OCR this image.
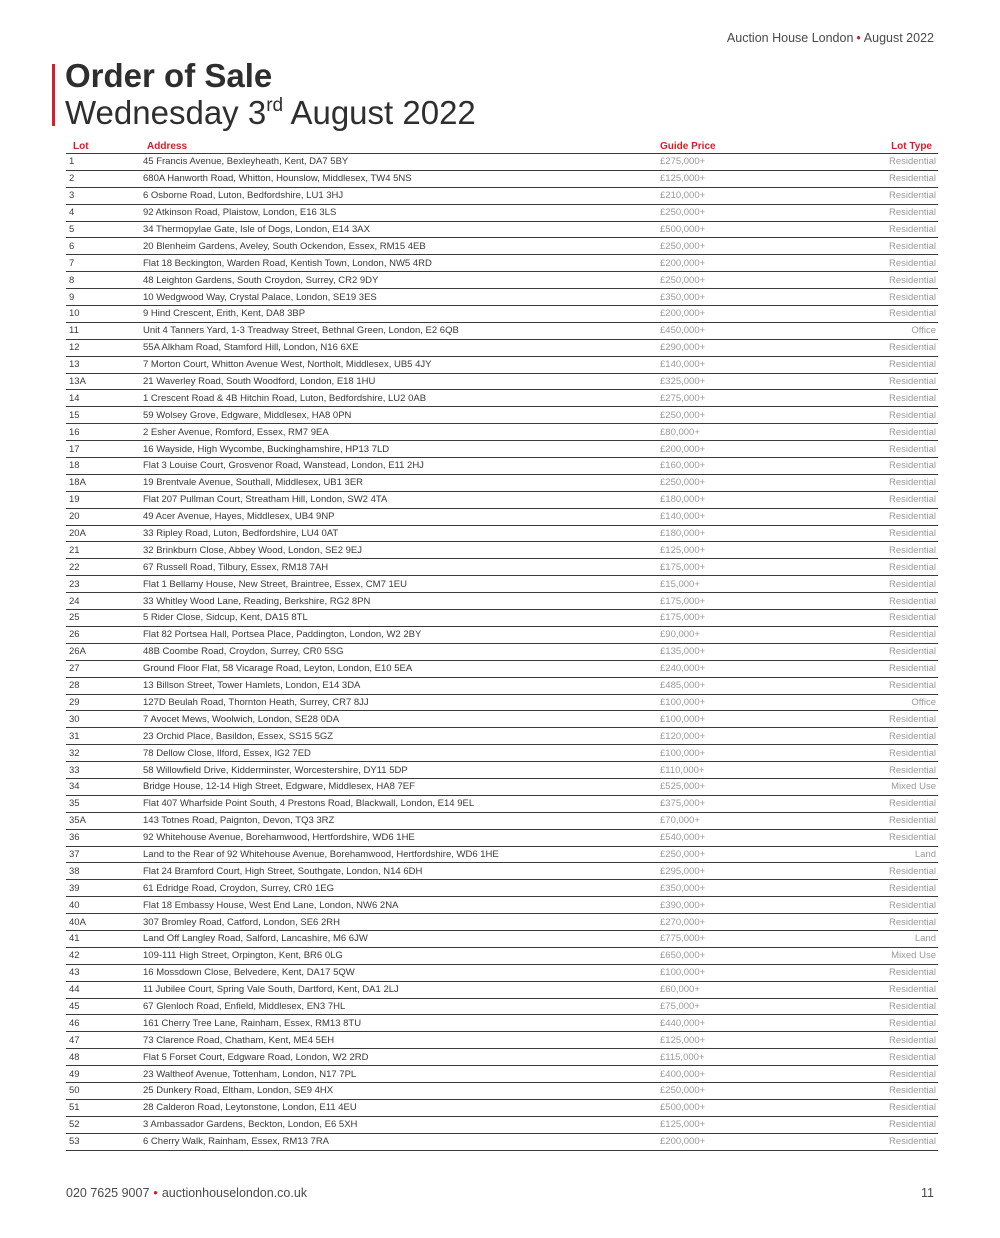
Auction House London • August 2022
Order of Sale
Wednesday 3rd August 2022
Lot	Address	Guide Price	Lot Type
1	45 Francis Avenue, Bexleyheath, Kent, DA7 5BY	£275,000+	Residential
2	680A Hanworth Road, Whitton, Hounslow, Middlesex, TW4 5NS	£125,000+	Residential
3	6 Osborne Road, Luton, Bedfordshire, LU1 3HJ	£210,000+	Residential
4	92 Atkinson Road, Plaistow, London, E16 3LS	£250,000+	Residential
5	34 Thermopylae Gate, Isle of Dogs, London, E14 3AX	£500,000+	Residential
6	20 Blenheim Gardens, Aveley, South Ockendon, Essex, RM15 4EB	£250,000+	Residential
7	Flat 18 Beckington, Warden Road, Kentish Town, London, NW5 4RD	£200,000+	Residential
8	48 Leighton Gardens, South Croydon, Surrey, CR2 9DY	£250,000+	Residential
9	10 Wedgwood Way, Crystal Palace, London, SE19 3ES	£350,000+	Residential
10	9 Hind Crescent, Erith, Kent, DA8 3BP	£200,000+	Residential
11	Unit 4 Tanners Yard, 1-3 Treadway Street, Bethnal Green, London, E2 6QB	£450,000+	Office
12	55A Alkham Road, Stamford Hill, London, N16 6XE	£290,000+	Residential
13	7 Morton Court, Whitton Avenue West, Northolt, Middlesex, UB5 4JY	£140,000+	Residential
13A	21 Waverley Road, South Woodford, London, E18 1HU	£325,000+	Residential
14	1 Crescent Road & 4B Hitchin Road, Luton, Bedfordshire, LU2 0AB	£275,000+	Residential
15	59 Wolsey Grove, Edgware, Middlesex, HA8 0PN	£250,000+	Residential
16	2 Esher Avenue, Romford, Essex, RM7 9EA	£80,000+	Residential
17	16 Wayside, High Wycombe, Buckinghamshire, HP13 7LD	£200,000+	Residential
18	Flat 3 Louise Court, Grosvenor Road, Wanstead, London, E11 2HJ	£160,000+	Residential
18A	19 Brentvale Avenue, Southall, Middlesex, UB1 3ER	£250,000+	Residential
19	Flat 207 Pullman Court, Streatham Hill, London, SW2 4TA	£180,000+	Residential
20	49 Acer Avenue, Hayes, Middlesex, UB4 9NP	£140,000+	Residential
20A	33 Ripley Road, Luton, Bedfordshire, LU4 0AT	£180,000+	Residential
21	32 Brinkburn Close, Abbey Wood, London, SE2 9EJ	£125,000+	Residential
22	67 Russell Road, Tilbury, Essex, RM18 7AH	£175,000+	Residential
23	Flat 1 Bellamy House, New Street, Braintree, Essex, CM7 1EU	£15,000+	Residential
24	33 Whitley Wood Lane, Reading, Berkshire, RG2 8PN	£175,000+	Residential
25	5 Rider Close, Sidcup, Kent, DA15 8TL	£175,000+	Residential
26	Flat 82 Portsea Hall, Portsea Place, Paddington, London, W2 2BY	£90,000+	Residential
26A	48B Coombe Road, Croydon, Surrey, CR0 5SG	£135,000+	Residential
27	Ground Floor Flat, 58 Vicarage Road, Leyton, London, E10 5EA	£240,000+	Residential
28	13 Billson Street, Tower Hamlets, London, E14 3DA	£485,000+	Residential
29	127D Beulah Road, Thornton Heath, Surrey, CR7 8JJ	£100,000+	Office
30	7 Avocet Mews, Woolwich, London, SE28 0DA	£100,000+	Residential
31	23 Orchid Place, Basildon, Essex, SS15 5GZ	£120,000+	Residential
32	78 Dellow Close, Ilford, Essex, IG2 7ED	£100,000+	Residential
33	58 Willowfield Drive, Kidderminster, Worcestershire, DY11 5DP	£110,000+	Residential
34	Bridge House, 12-14 High Street, Edgware, Middlesex, HA8 7EF	£525,000+	Mixed Use
35	Flat 407 Wharfside Point South, 4 Prestons Road, Blackwall, London, E14 9EL	£375,000+	Residential
35A	143 Totnes Road, Paignton, Devon, TQ3 3RZ	£70,000+	Residential
36	92 Whitehouse Avenue, Borehamwood, Hertfordshire, WD6 1HE	£540,000+	Residential
37	Land to the Rear of 92 Whitehouse Avenue, Borehamwood, Hertfordshire, WD6 1HE	£250,000+	Land
38	Flat 24 Bramford Court, High Street, Southgate, London, N14 6DH	£295,000+	Residential
39	61 Edridge Road, Croydon, Surrey, CR0 1EG	£350,000+	Residential
40	Flat 18 Embassy House, West End Lane, London, NW6 2NA	£390,000+	Residential
40A	307 Bromley Road, Catford, London, SE6 2RH	£270,000+	Residential
41	Land Off Langley Road, Salford, Lancashire, M6 6JW	£775,000+	Land
42	109-111 High Street, Orpington, Kent, BR6 0LG	£650,000+	Mixed Use
43	16 Mossdown Close, Belvedere, Kent, DA17 5QW	£100,000+	Residential
44	11 Jubilee Court, Spring Vale South, Dartford, Kent, DA1 2LJ	£60,000+	Residential
45	67 Glenloch Road, Enfield, Middlesex, EN3 7HL	£75,000+	Residential
46	161 Cherry Tree Lane, Rainham, Essex, RM13 8TU	£440,000+	Residential
47	73 Clarence Road, Chatham, Kent, ME4 5EH	£125,000+	Residential
48	Flat 5 Forset Court, Edgware Road, London, W2 2RD	£115,000+	Residential
49	23 Waltheof Avenue, Tottenham, London, N17 7PL	£400,000+	Residential
50	25 Dunkery Road, Eltham, London, SE9 4HX	£250,000+	Residential
51	28 Calderon Road, Leytonstone, London, E11 4EU	£500,000+	Residential
52	3 Ambassador Gardens, Beckton, London, E6 5XH	£125,000+	Residential
53	6 Cherry Walk, Rainham, Essex, RM13 7RA	£200,000+	Residential
020 7625 9007 • auctionhouselondon.co.uk	11
